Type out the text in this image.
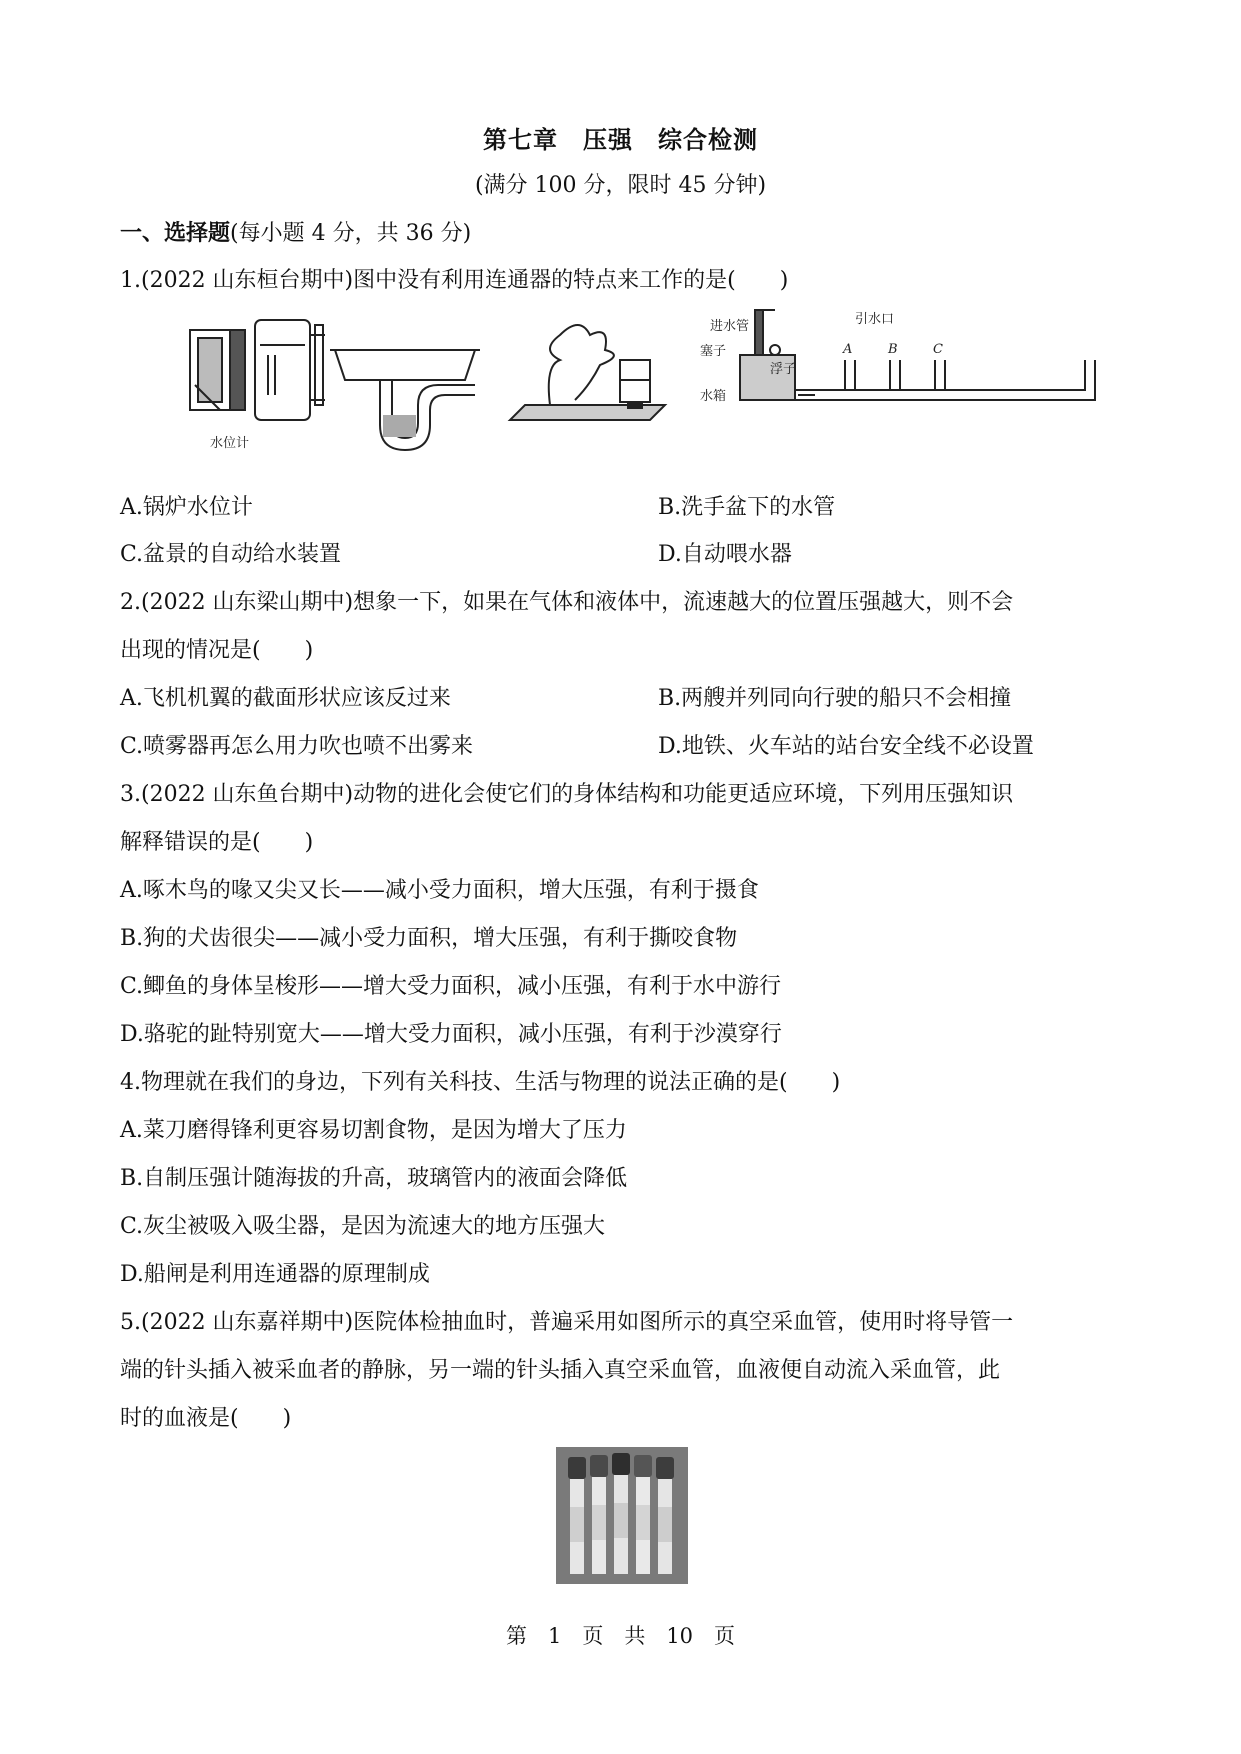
第七章　压强　综合检测
(满分 100 分，限时 45 分钟)
一、选择题(每小题 4 分，共 36 分)
1.(2022 山东桓台期中)图中没有利用连通器的特点来工作的是(　　)
水位计
进水管
塞子
浮子
水箱
引水口
A	B	C
A.锅炉水位计	B.洗手盆下的水管
C.盆景的自动给水装置	D.自动喂水器
2.(2022 山东梁山期中)想象一下，如果在气体和液体中，流速越大的位置压强越大，则不会
出现的情况是(　　)
A.飞机机翼的截面形状应该反过来	B.两艘并列同向行驶的船只不会相撞
C.喷雾器再怎么用力吹也喷不出雾来	D.地铁、火车站的站台安全线不必设置
3.(2022 山东鱼台期中)动物的进化会使它们的身体结构和功能更适应环境，下列用压强知识
解释错误的是(　　)
A.啄木鸟的喙又尖又长——减小受力面积，增大压强，有利于摄食
B.狗的犬齿很尖——减小受力面积，增大压强，有利于撕咬食物
C.鲫鱼的身体呈梭形——增大受力面积，减小压强，有利于水中游行
D.骆驼的趾特别宽大——增大受力面积，减小压强，有利于沙漠穿行
4.物理就在我们的身边，下列有关科技、生活与物理的说法正确的是(　　)
A.菜刀磨得锋利更容易切割食物，是因为增大了压力
B.自制压强计随海拔的升高，玻璃管内的液面会降低
C.灰尘被吸入吸尘器，是因为流速大的地方压强大
D.船闸是利用连通器的原理制成
5.(2022 山东嘉祥期中)医院体检抽血时，普遍采用如图所示的真空采血管，使用时将导管一
端的针头插入被采血者的静脉，另一端的针头插入真空采血管，血液便自动流入采血管，此
时的血液是(　　)
第　1　页　共　10　页
